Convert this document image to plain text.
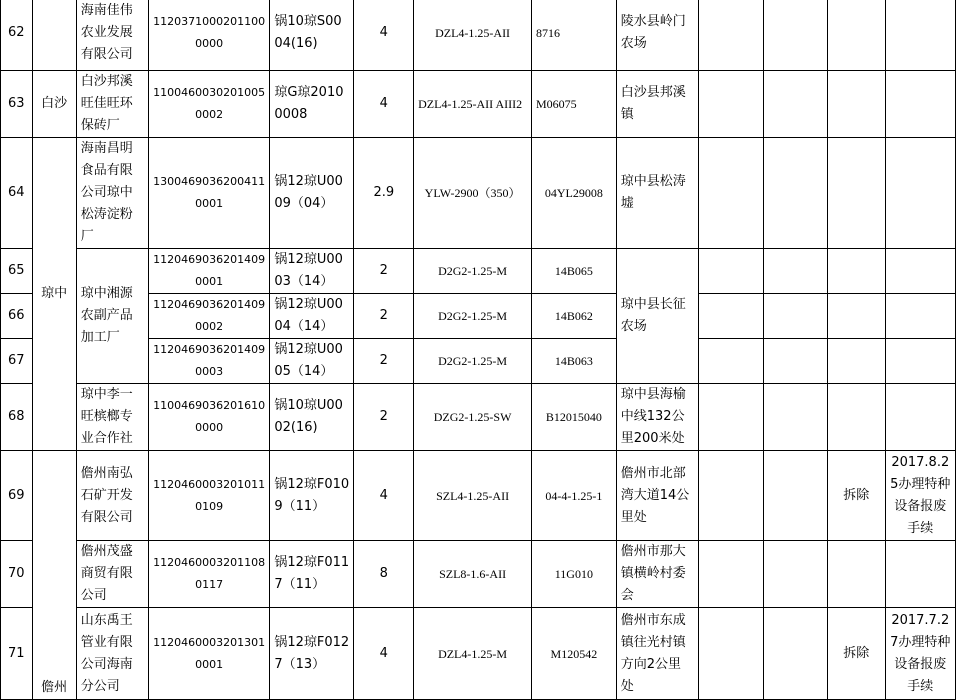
62		海南佳伟农业发展有限公司	11203710002011000000	锅10琼S0004(16)	4	DZL4-1.25-AII	8716	陵水县岭门农场				
63	白沙	白沙邦溪旺佳旺环保砖厂	11004600302010050002	琼G琼20100008	4	DZL4-1.25-AII AIII2	M06075	白沙县邦溪镇				
64	琼中	海南昌明食品有限公司琼中松涛淀粉厂	13004690362004110001	锅12琼U0009（04）	2.9	YLW-2900（350）	04YL29008	琼中县松涛墟				
65		琼中湘源农副产品加工厂	11204690362014090001	锅12琼U0003（14）	2	D2G2-1.25-M	14B065	琼中县长征农场				
66			11204690362014090002	锅12琼U0004（14）	2	D2G2-1.25-M	14B062					
67			11204690362014090003	锅12琼U0005（14）	2	D2G2-1.25-M	14B063					
68		琼中李一旺槟榔专业合作社	11004690362016100000	锅10琼U0002(16)	2	DZG2-1.25-SW	B12015040	琼中县海榆中线132公里200米处				
69	儋州	儋州南弘石矿开发有限公司	11204600032010110109	锅12琼F0109（11）	4	SZL4-1.25-AII	04-4-1.25-1	儋州市北部湾大道14公里处			拆除	2017.8.25办理特种设备报废手续
70		儋州茂盛商贸有限公司	11204600032011080117	锅12琼F0117（11）	8	SZL8-1.6-AII	11G010	儋州市那大镇横岭村委会				
71		山东禹王管业有限公司海南分公司	11204600032013010001	锅12琼F0127（13）	4	DZL4-1.25-M	M120542	儋州市东成镇往光村镇方向2公里处			拆除	2017.7.27办理特种设备报废手续
